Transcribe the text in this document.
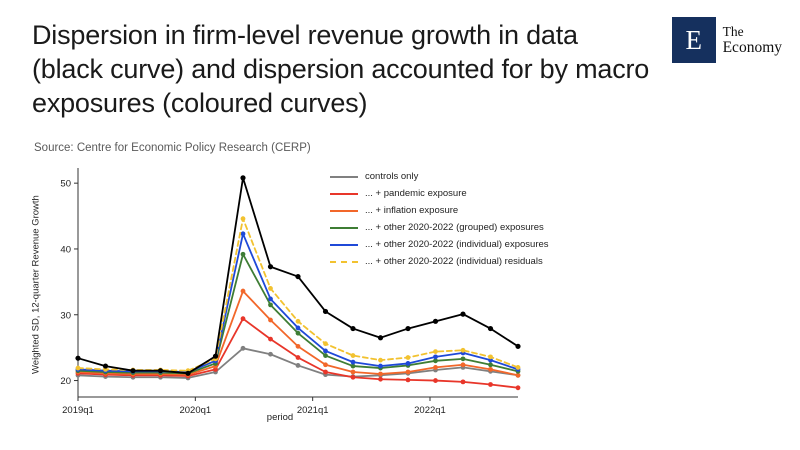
Dispersion in firm-level revenue growth in data (black curve) and dispersion accounted for by macro exposures (coloured curves)
E	The
Economy
Source: Centre for Economic Policy Research (CERP)
Weighted SD, 12-quarter Revenue Growth
period
20
30
40
50
2019q1	2020q1	2021q1	2022q1
controls only
... + pandemic exposure
... + inflation exposure
... + other 2020-2022 (grouped) exposures
... + other 2020-2022 (individual) exposures
... + other 2020-2022 (individual) residuals
